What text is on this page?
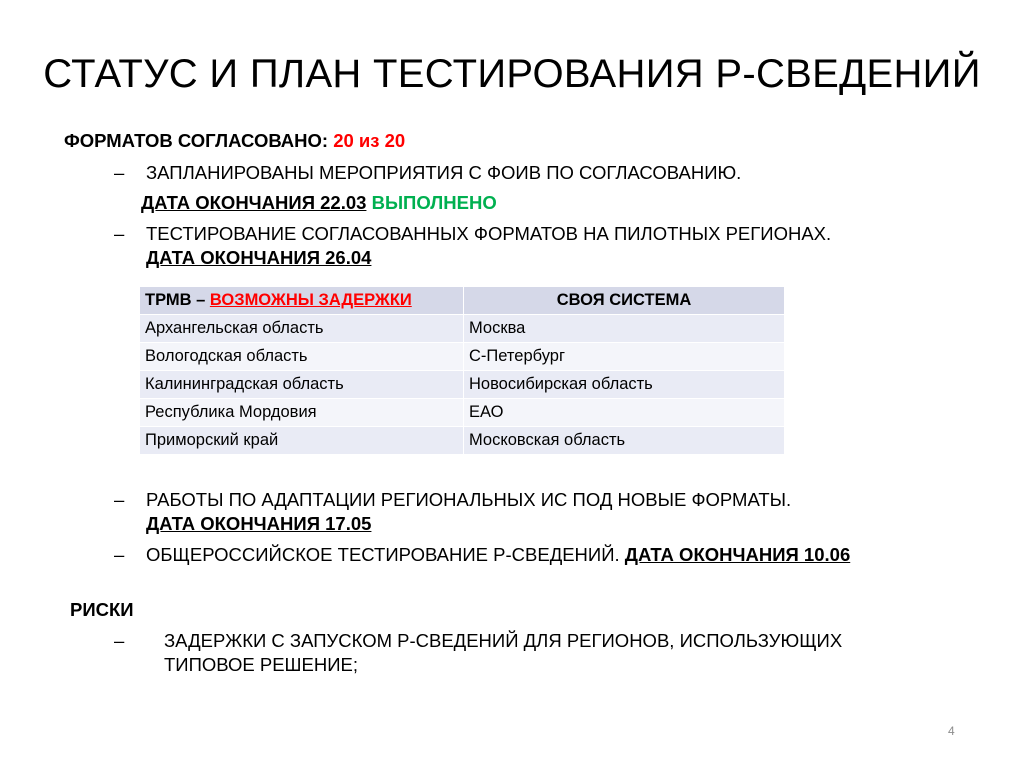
СТАТУС И ПЛАН ТЕСТИРОВАНИЯ Р-СВЕДЕНИЙ
ФОРМАТОВ СОГЛАСОВАНО: 20 из 20
– ЗАПЛАНИРОВАНЫ МЕРОПРИЯТИЯ С ФОИВ ПО СОГЛАСОВАНИЮ.
ДАТА ОКОНЧАНИЯ 22.03 ВЫПОЛНЕНО
– ТЕСТИРОВАНИЕ СОГЛАСОВАННЫХ ФОРМАТОВ НА ПИЛОТНЫХ РЕГИОНАХ.
ДАТА ОКОНЧАНИЯ 26.04
ТРМВ – ВОЗМОЖНЫ ЗАДЕРЖКИ	СВОЯ СИСТЕМА
Архангельская область	Москва
Вологодская область	С-Петербург
Калининградская область	Новосибирская область
Республика Мордовия	ЕАО
Приморский край	Московская область
– РАБОТЫ ПО АДАПТАЦИИ РЕГИОНАЛЬНЫХ ИС ПОД НОВЫЕ ФОРМАТЫ.
ДАТА ОКОНЧАНИЯ 17.05
– ОБЩЕРОССИЙСКОЕ ТЕСТИРОВАНИЕ Р-СВЕДЕНИЙ. ДАТА ОКОНЧАНИЯ 10.06
РИСКИ
– ЗАДЕРЖКИ С ЗАПУСКОМ Р-СВЕДЕНИЙ ДЛЯ РЕГИОНОВ, ИСПОЛЬЗУЮЩИХ
ТИПОВОЕ РЕШЕНИЕ;
4
